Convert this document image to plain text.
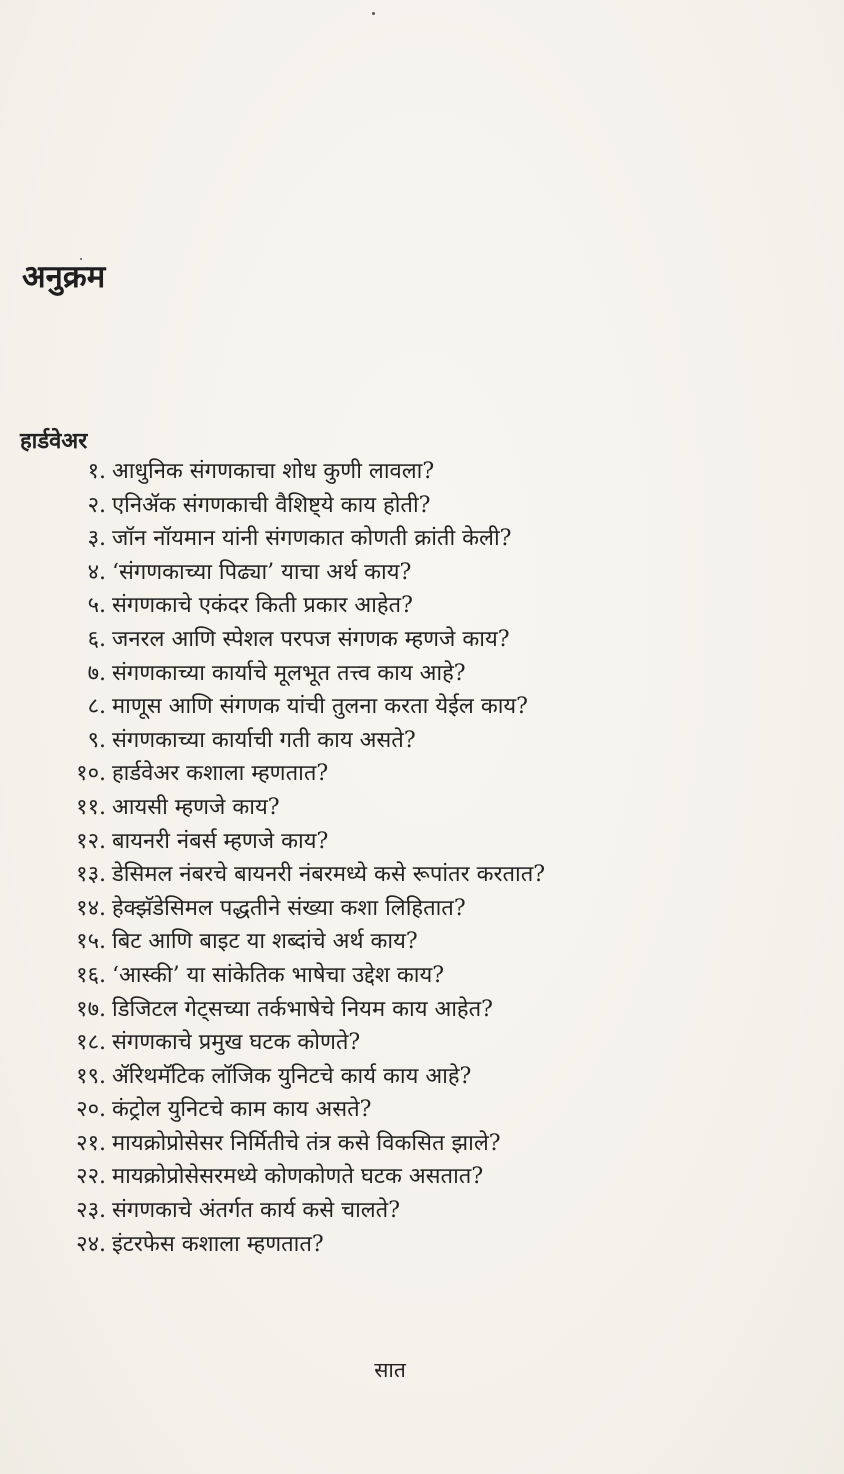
अनुक्रम
हार्डवेअर
१. आधुनिक संगणकाचा शोध कुणी लावला?
२. एनिॲक संगणकाची वैशिष्ट्ये काय होती?
३. जॉन नॉयमान यांनी संगणकात कोणती क्रांती केली?
४. ‘संगणकाच्या पिढ्या’ याचा अर्थ काय?
५. संगणकाचे एकंदर किती प्रकार आहेत?
६. जनरल आणि स्पेशल परपज संगणक म्हणजे काय?
७. संगणकाच्या कार्याचे मूलभूत तत्त्व काय आहे?
८. माणूस आणि संगणक यांची तुलना करता येईल काय?
९. संगणकाच्या कार्याची गती काय असते?
१०. हार्डवेअर कशाला म्हणतात?
११. आयसी म्हणजे काय?
१२. बायनरी नंबर्स म्हणजे काय?
१३. डेसिमल नंबरचे बायनरी नंबरमध्ये कसे रूपांतर करतात?
१४. हेक्झॅडेसिमल पद्धतीने संख्या कशा लिहितात?
१५. बिट आणि बाइट या शब्दांचे अर्थ काय?
१६. ‘आस्की’ या सांकेतिक भाषेचा उद्देश काय?
१७. डिजिटल गेट्सच्या तर्कभाषेचे नियम काय आहेत?
१८. संगणकाचे प्रमुख घटक कोणते?
१९. ॲरिथमॅटिक लॉजिक युनिटचे कार्य काय आहे?
२०. कंट्रोल युनिटचे काम काय असते?
२१. मायक्रोप्रोसेसर निर्मितीचे तंत्र कसे विकसित झाले?
२२. मायक्रोप्रोसेसरमध्ये कोणकोणते घटक असतात?
२३. संगणकाचे अंतर्गत कार्य कसे चालते?
२४. इंटरफेस कशाला म्हणतात?
सात
